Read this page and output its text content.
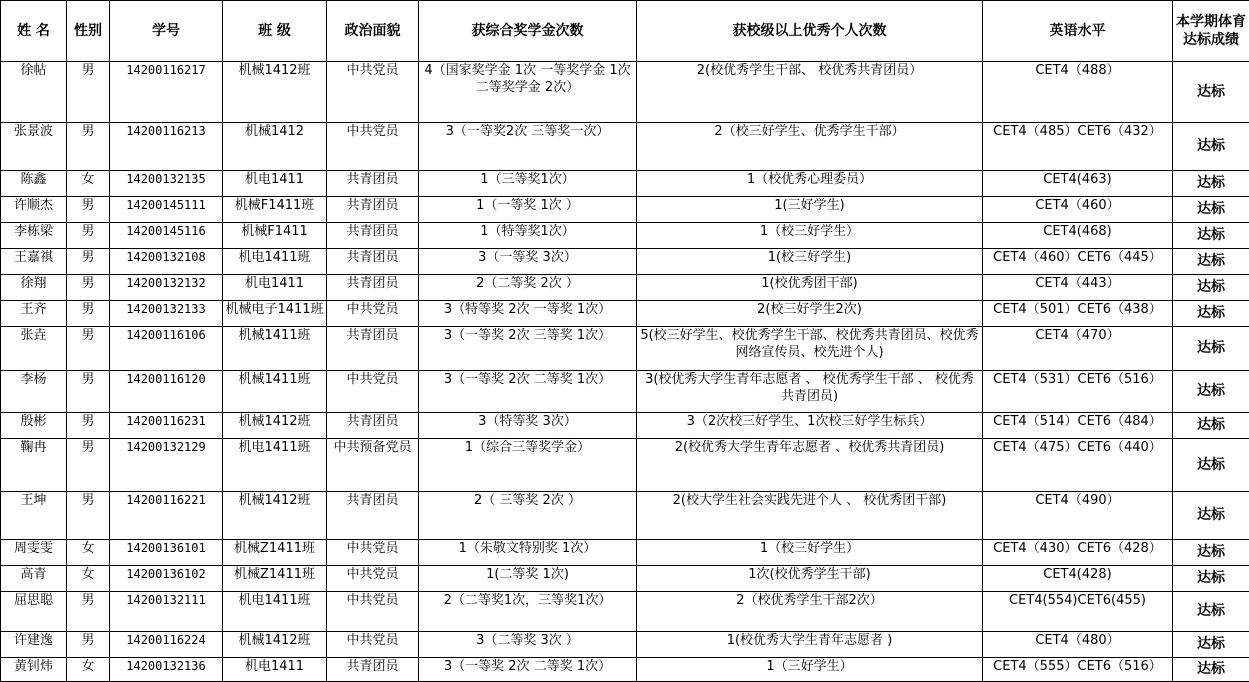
姓 名	性别	学号	班 级	政治面貌	获综合奖学金次数	获校级以上优秀个人次数	英语水平	本学期体育达标成绩
徐帖	男	14200116217	机械1412班	中共党员	4（国家奖学金 1次 一等奖学金 1次 二等奖学金 2次）	2(校优秀学生干部、 校优秀共青团员）	CET4（488）	达标
张景波	男	14200116213	机械1412	中共党员	3（一等奖2次 三等奖一次）	2（校三好学生、优秀学生干部）	CET4（485）CET6（432）	达标
陈鑫	女	14200132135	机电1411	共青团员	1（三等奖1次）	1（校优秀心理委员）	CET4(463)	达标
许顺杰	男	14200145111	机械F1411班	共青团员	1（一等奖 1次 ）	1(三好学生)	CET4（460）	达标
李栋梁	男	14200145116	机械F1411	共青团员	1（特等奖1次）	1（校三好学生）	CET4(468)	达标
王嘉祺	男	14200132108	机电1411班	共青团员	3（一等奖 3次）	1(校三好学生)	CET4（460）CET6（445）	达标
徐翔	男	14200132132	机电1411	共青团员	2（二等奖 2次 ）	1(校优秀团干部)	CET4（443）	达标
王齐	男	14200132133	机械电子1411班	中共党员	3（特等奖 2次 一等奖 1次）	2(校三好学生2次)	CET4（501）CET6（438）	达标
张垚	男	14200116106	机械1411班	共青团员	3（一等奖 2次 三等奖 1次）	5(校三好学生、校优秀学生干部、校优秀共青团员、校优秀网络宣传员、校先进个人)	CET4（470）	达标
李杨	男	14200116120	机械1411班	中共党员	3（一等奖 2次 二等奖 1次）	3(校优秀大学生青年志愿者 、 校优秀学生干部 、 校优秀共青团员)	CET4（531）CET6（516）	达标
殷彬	男	14200116231	机械1412班	共青团员	3（特等奖 3次）	3（2次校三好学生、1次校三好学生标兵）	CET4（514）CET6（484）	达标
鞠冉	男	14200132129	机电1411班	中共预备党员	1（综合三等奖学金）	2(校优秀大学生青年志愿者 、校优秀共青团员)	CET4（475）CET6（440）	达标
王坤	男	14200116221	机械1412班	共青团员	2（ 三等奖 2次 ）	2(校大学生社会实践先进个人 、 校优秀团干部)	CET4（490）	达标
周雯雯	女	14200136101	机械Z1411班	中共党员	1（朱敬文特别奖 1次）	1（校三好学生）	CET4（430）CET6（428）	达标
高青	女	14200136102	机械Z1411班	中共党员	1(二等奖 1次)	1次(校优秀学生干部)	CET4(428)	达标
屈思聪	男	14200132111	机电1411班	中共党员	2（二等奖1次，三等奖1次）	2（校优秀学生干部2次）	CET4(554)CET6(455)	达标
许建逸	男	14200116224	机械1412班	中共党员	3（二等奖 3次 ）	1(校优秀大学生青年志愿者 )	CET4（480）	达标
黄钊炜	女	14200132136	机电1411	共青团员	3（一等奖 2次 二等奖 1次）	1（三好学生）	CET4（555）CET6（516）	达标
